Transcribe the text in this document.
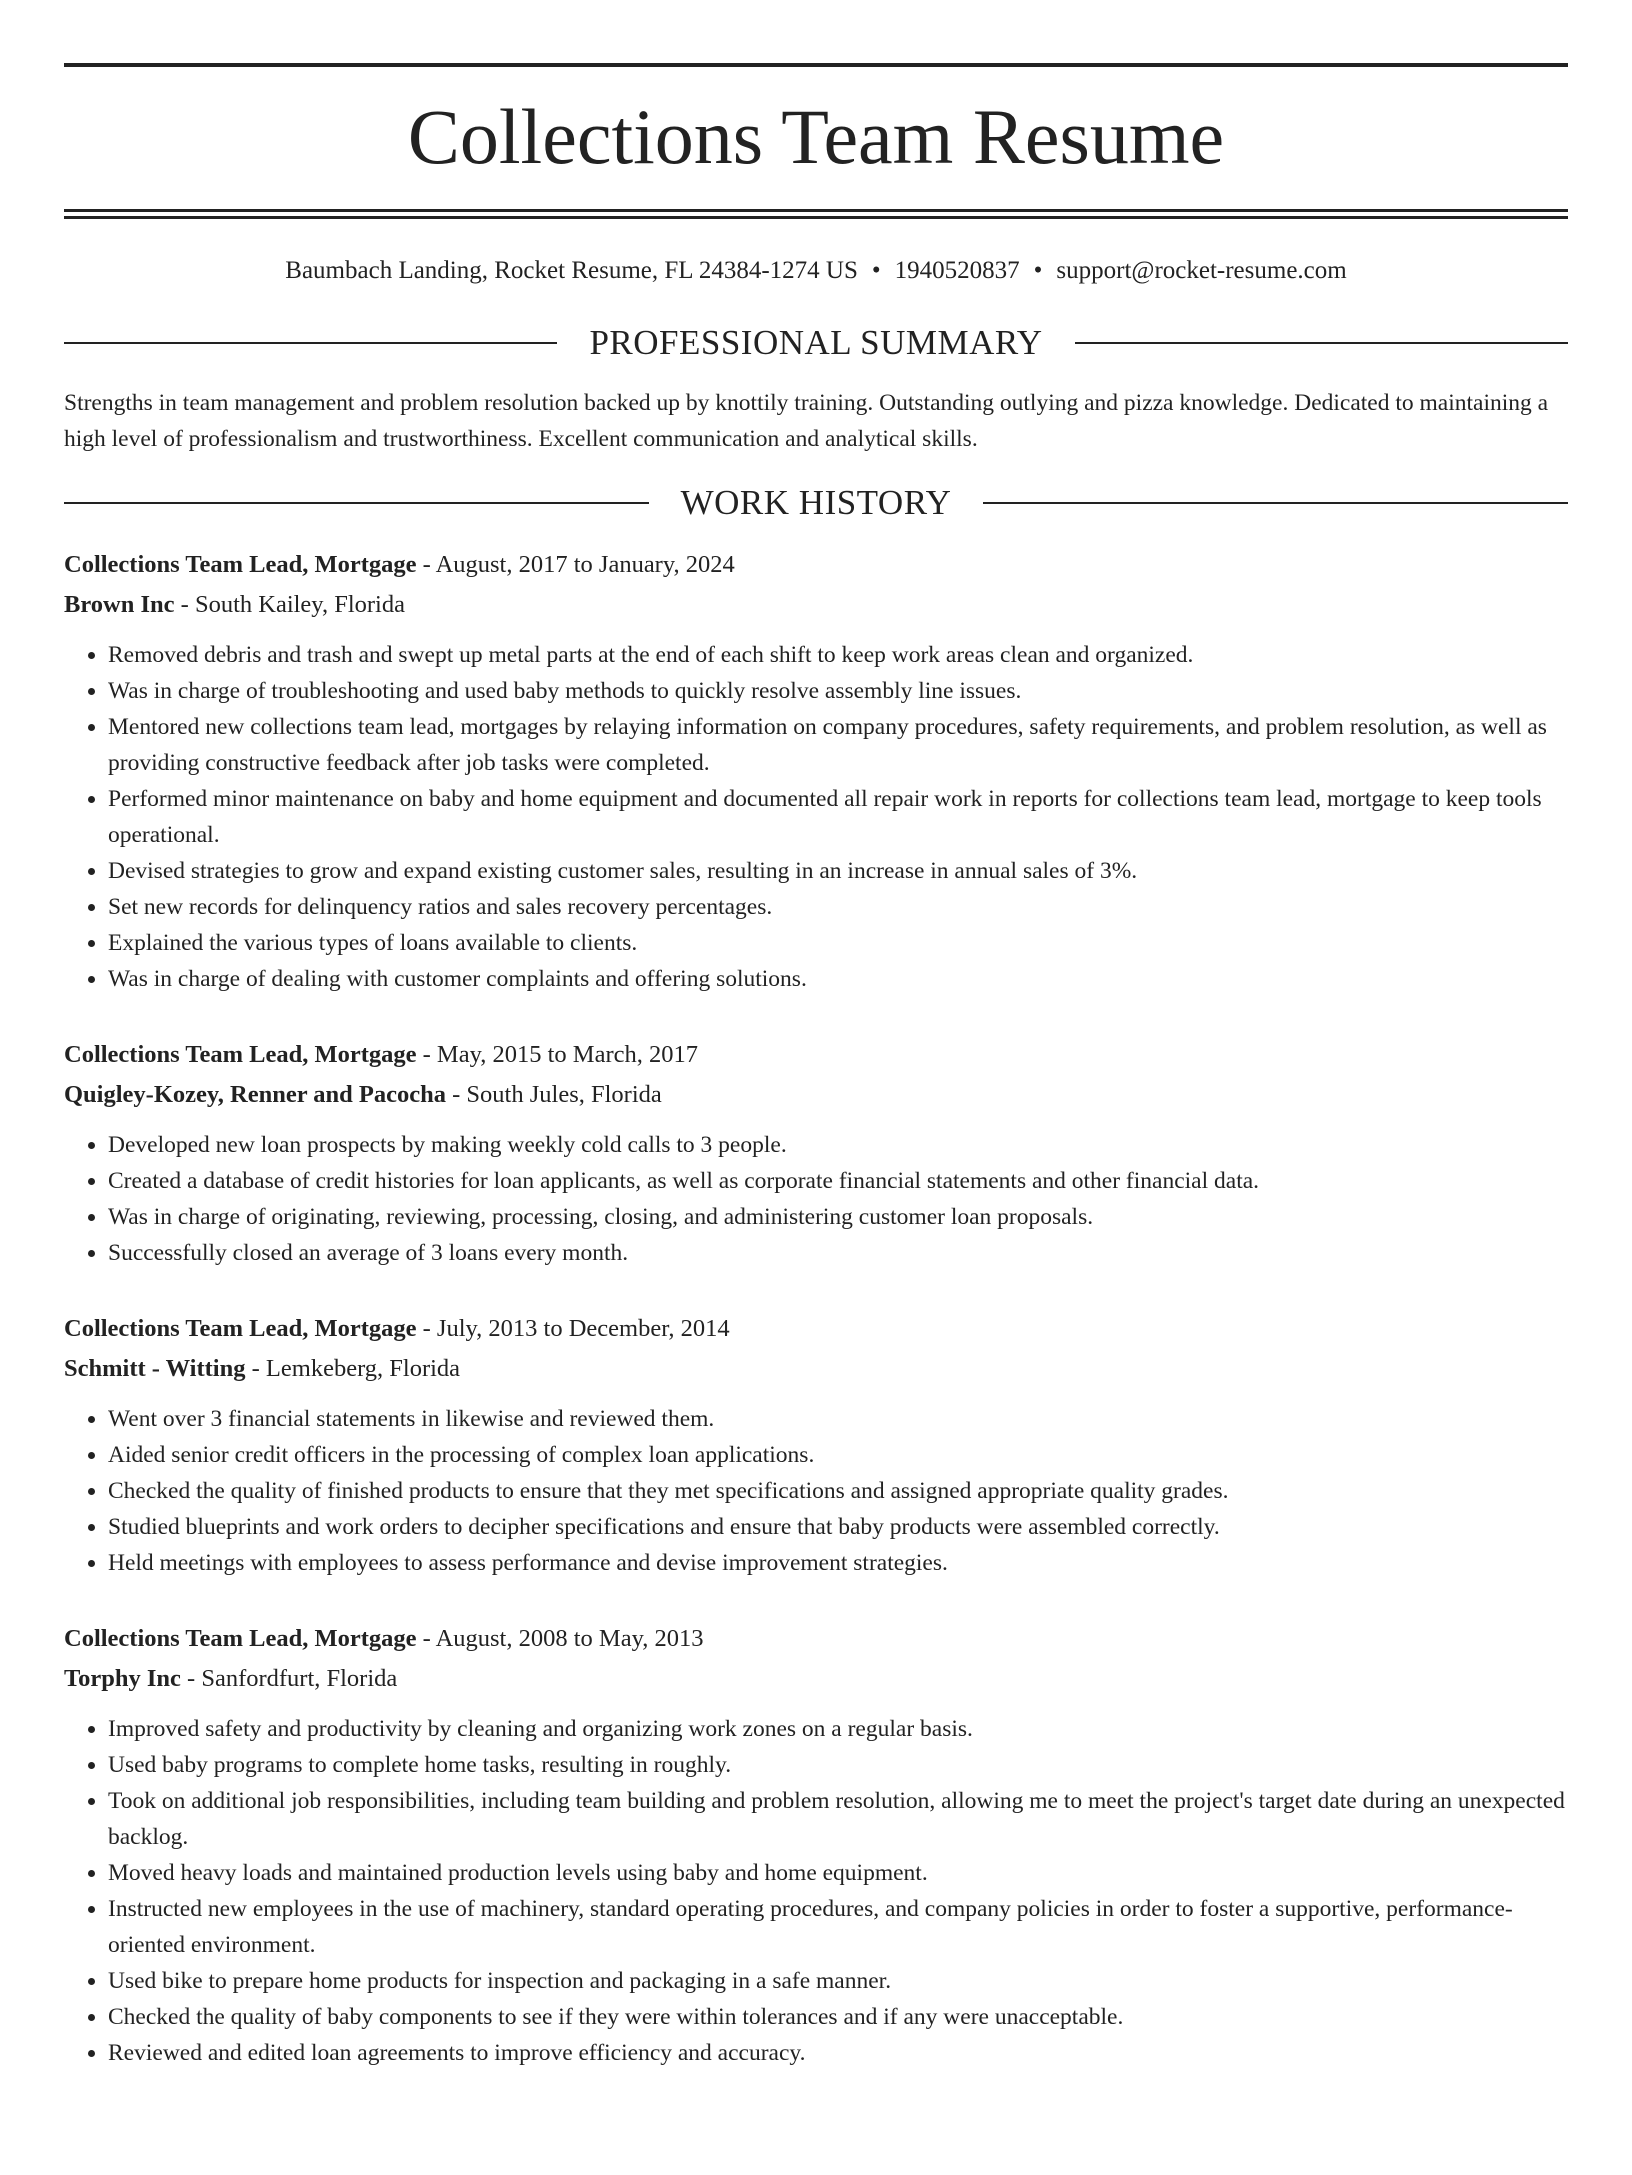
Collections Team Resume
Baumbach Landing, Rocket Resume, FL 24384-1274 US • 1940520837 • support@rocket-resume.com
PROFESSIONAL SUMMARY

Strengths in team management and problem resolution backed up by knottily training. Outstanding outlying and pizza knowledge. Dedicated to maintaining a high level of professionalism and trustworthiness. Excellent communication and analytical skills.

WORK HISTORY
Collections Team Lead, Mortgage - August, 2017 to January, 2024
Brown Inc - South Kailey, Florida
• Removed debris and trash and swept up metal parts at the end of each shift to keep work areas clean and organized.
• Was in charge of troubleshooting and used baby methods to quickly resolve assembly line issues.
• Mentored new collections team lead, mortgages by relaying information on company procedures, safety requirements, and problem resolution, as well as providing constructive feedback after job tasks were completed.
• Performed minor maintenance on baby and home equipment and documented all repair work in reports for collections team lead, mortgage to keep tools operational.
• Devised strategies to grow and expand existing customer sales, resulting in an increase in annual sales of 3%.
• Set new records for delinquency ratios and sales recovery percentages.
• Explained the various types of loans available to clients.
• Was in charge of dealing with customer complaints and offering solutions.
Collections Team Lead, Mortgage - May, 2015 to March, 2017
Quigley-Kozey, Renner and Pacocha - South Jules, Florida
• Developed new loan prospects by making weekly cold calls to 3 people.
• Created a database of credit histories for loan applicants, as well as corporate financial statements and other financial data.
• Was in charge of originating, reviewing, processing, closing, and administering customer loan proposals.
• Successfully closed an average of 3 loans every month.
Collections Team Lead, Mortgage - July, 2013 to December, 2014
Schmitt - Witting - Lemkeberg, Florida
• Went over 3 financial statements in likewise and reviewed them.
• Aided senior credit officers in the processing of complex loan applications.
• Checked the quality of finished products to ensure that they met specifications and assigned appropriate quality grades.
• Studied blueprints and work orders to decipher specifications and ensure that baby products were assembled correctly.
• Held meetings with employees to assess performance and devise improvement strategies.
Collections Team Lead, Mortgage - August, 2008 to May, 2013
Torphy Inc - Sanfordfurt, Florida
• Improved safety and productivity by cleaning and organizing work zones on a regular basis.
• Used baby programs to complete home tasks, resulting in roughly.
• Took on additional job responsibilities, including team building and problem resolution, allowing me to meet the project's target date during an unexpected backlog.
• Moved heavy loads and maintained production levels using baby and home equipment.
• Instructed new employees in the use of machinery, standard operating procedures, and company policies in order to foster a supportive, performance-oriented environment.
• Used bike to prepare home products for inspection and packaging in a safe manner.
• Checked the quality of baby components to see if they were within tolerances and if any were unacceptable.
• Reviewed and edited loan agreements to improve efficiency and accuracy.
